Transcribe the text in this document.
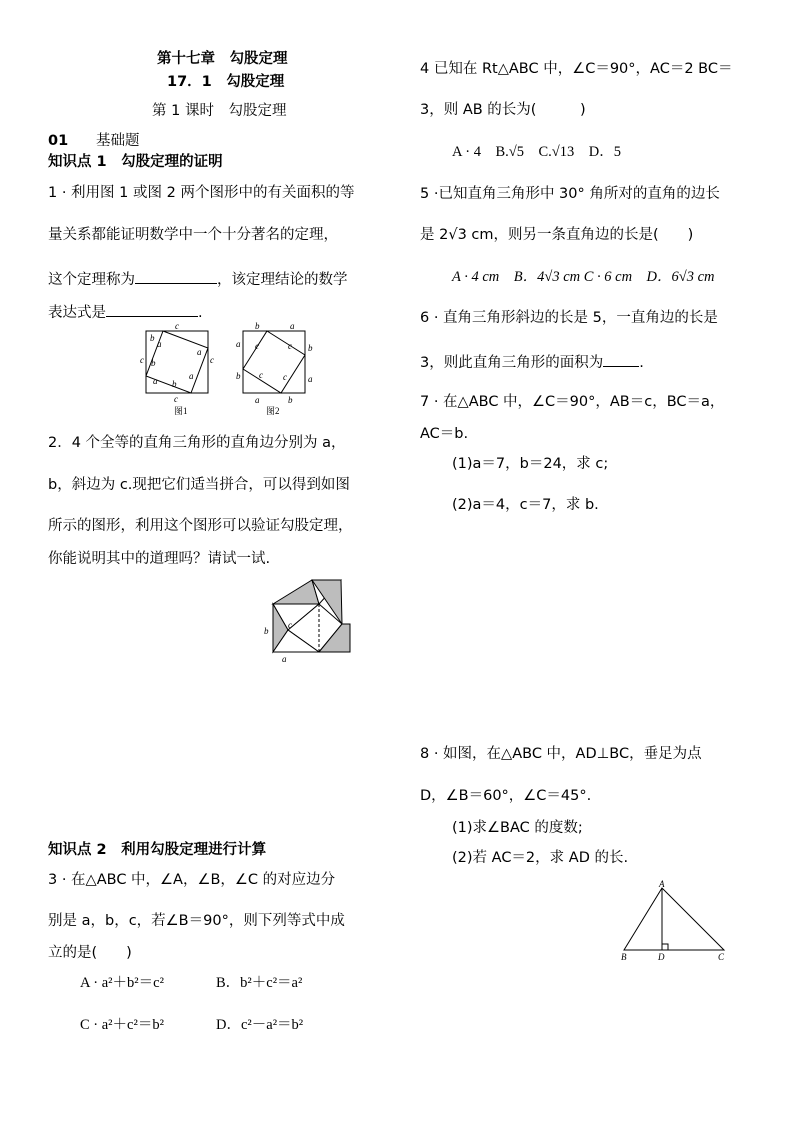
第十七章　勾股定理
17．1　勾股定理
第 1 课时　勾股定理
01 基础题
知识点 1　勾股定理的证明
1 · 利用图 1 或图 2 两个图形中的有关面积的等
量关系都能证明数学中一个十分著名的定理，
这个定理称为	，该定理结论的数学
表达式是	.
c
b
a
c b
a
c
a b
a
c
图1
b	a
a c	c b
b c c a
a	b
图2
2．4 个全等的直角三角形的直角边分别为 a，
b，斜边为 c.现把它们适当拼合，可以得到如图
所示的图形，利用这个图形可以验证勾股定理，
你能说明其中的道理吗？请试一试.
b
c
a
知识点 2　利用勾股定理进行计算
3 · 在△ABC 中，∠A，∠B，∠C 的对应边分
别是 a，b，c，若∠B＝90°，则下列等式中成
立的是(　　)
A · a²＋b²＝c²	B．b²＋c²＝a²
C · a²＋c²＝b²	D．c²－a²＝b²
4 已知在 Rt△ABC 中，∠C＝90°，AC＝2 BC＝
3，则 AB 的长为(　　　)
A · 4　B.√5　C.√13　D．5
5 ·已知直角三角形中 30° 角所对的直角的边长
是 2√3 cm，则另一条直角边的长是(　　)
A · 4 cm　B．4√3 cm C · 6 cm　D．6√3 cm
6 · 直角三角形斜边的长是 5，一直角边的长是
3，则此直角三角形的面积为 .
7 · 在△ABC 中，∠C＝90°，AB＝c，BC＝a，
AC＝b.
(1)a＝7，b＝24，求 c;
(2)a＝4，c＝7，求 b.
8 · 如图，在△ABC 中，AD⊥BC，垂足为点
D，∠B＝60°，∠C＝45°.
(1)求∠BAC 的度数;
(2)若 AC＝2，求 AD 的长.
A
B	D	C
